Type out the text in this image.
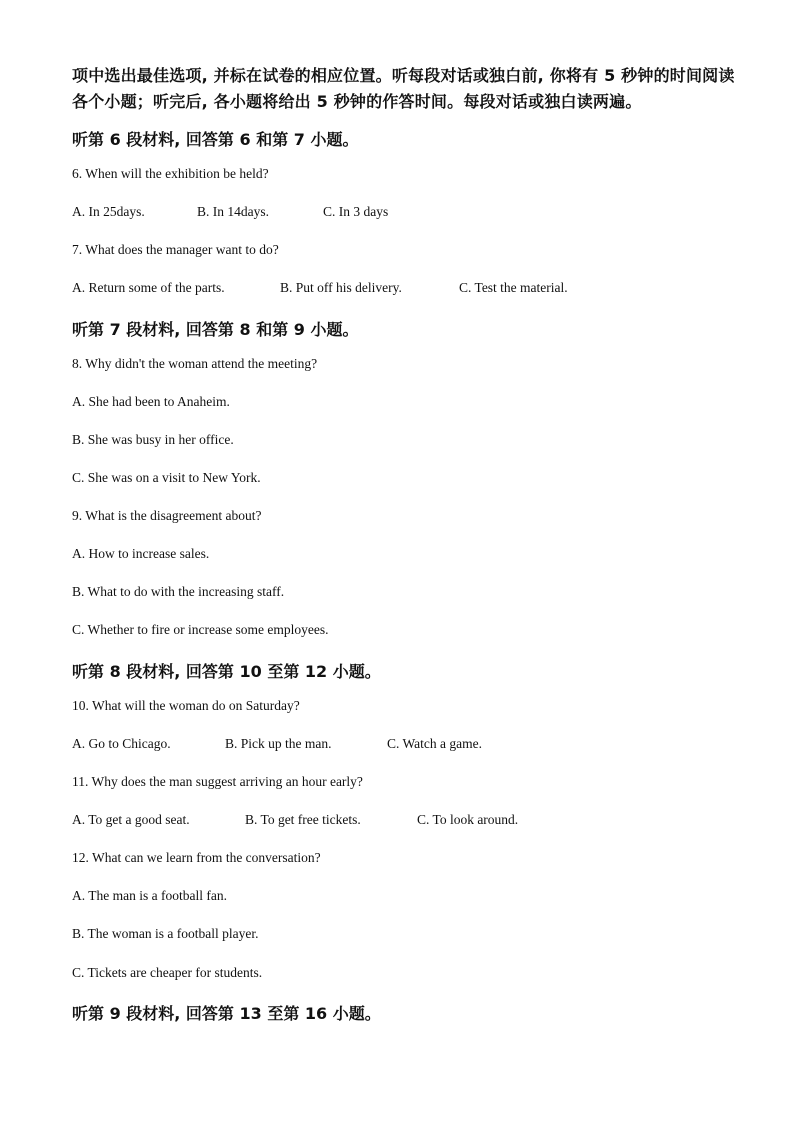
项中选出最佳选项, 并标在试卷的相应位置。听每段对话或独白前, 你将有 5 秒钟的时间阅读
各个小题；听完后, 各小题将给出 5 秒钟的作答时间。每段对话或独白读两遍。
听第 6 段材料, 回答第 6 和第 7 小题。
6. When will the exhibition be held?
A. In 25days.	B. In 14days.	C. In 3 days
7. What does the manager want to do?
A. Return some of the parts.	B. Put off his delivery.	C. Test the material.
听第 7 段材料, 回答第 8 和第 9 小题。
8. Why didn't the woman attend the meeting?
A. She had been to Anaheim.
B. She was busy in her office.
C. She was on a visit to New York.
9. What is the disagreement about?
A. How to increase sales.
B. What to do with the increasing staff.
C. Whether to fire or increase some employees.
听第 8 段材料, 回答第 10 至第 12 小题。
10. What will the woman do on Saturday?
A. Go to Chicago.	B. Pick up the man.	C. Watch a game.
11. Why does the man suggest arriving an hour early?
A. To get a good seat.	B. To get free tickets.	C. To look around.
12. What can we learn from the conversation?
A. The man is a football fan.
B. The woman is a football player.
C. Tickets are cheaper for students.
听第 9 段材料, 回答第 13 至第 16 小题。
